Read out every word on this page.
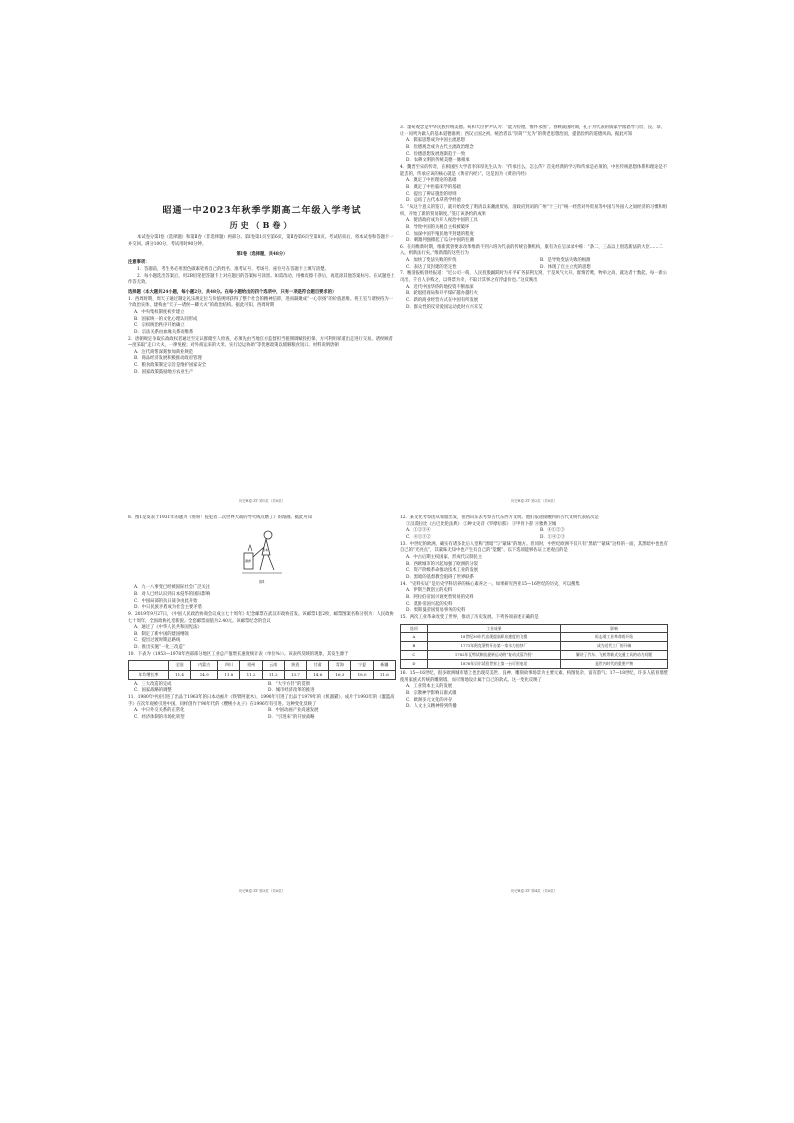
昭通一中2023年秋季学期高二年级入学考试
历史（B卷）
本试卷分第Ⅰ卷（选择题）和第Ⅱ卷（非选择题）两部分。第Ⅰ卷第1页至第6页，第Ⅱ卷第6页至第8页。考试结束后，将本试卷和答题卡一并交回。满分100分，考试用时90分钟。
第Ⅰ卷（选择题，共48分）
注意事项：
1．答题前，考生务必用黑色碳素笔将自己的姓名、准考证号、考场号、座位号在答题卡上填写清楚。
2．每小题选出答案后，用2B铅笔把答题卡上对应题目的答案标号涂黑。如需改动，用橡皮擦干净后，再选涂其他答案标号。在试题卷上作答无效。
选择题（本大题共24小题，每小题2分，共48分。在每小题给出的四个选项中，只有一项是符合题目要求的）
1．西周时期，周天子通过制定礼乐规定位与价值规则获得了整个社会的精神信仰，进而凝聚成“一心崇扬”的价值思维。将王室与诸侯持为一个政治实体，建构由“天子—诸侯—卿大夫”的政治结构。据此可知，西周时期
A．中央集权制度初步建立
B．国家统一的文化心理认同形成
C．宗权统治秩序开始确立
D．宗法关系由血缘关系而维系
2．唐朝规定争取长政政权者通过至定认群储至人检查，必须先由当地官方监督担当租佣调赋役担保，方可利用驿道出走进行交易。诸侯顾者—度采取“走口大夫，一律免税；对外商运来的大米，实行边运协助”等优惠政策以缓解粮食短口。材料说明唐朝
A．注代商帮深刻参加商业规范
B．商品经济发展积极推动政府管理
C．粮食政策制定宗旨是维护国家安全
D．国家政策鼓励地方农业生产
历史B卷·ZT·第1页（共8页）
3．墨荀观念是中华民族传统美德。荀和大臣伊尹认为：“能为俭德，惟怀永图”。春秋战国时期，孔子为代表的儒家学派倡导与俭、良、恭、让一同列为做人的基本道德准则；西汉立国之初，统治者以“崇简”“无为”的黄老思想治国，提倡俭约的道德风尚。据此可知
A．儒家思想成为中国主流思想
B．俭德观念成为古代主流政治理念
C．俭德思想发展逐渐趋于一致
D．农耕文明的传统美德一脉相承
4．魏晋至宋的传奇，在相国医大学者李泽厚先生认为：“传承目么，怎么传？首先经典的学习和传承是必须的，中医传统思想体系和理论是不能丢的，传承应该的核心就是《黄帝内经》”。这是因为《黄帝内经》
A．奠定了中医理论的基础
B．奠定了中医临床学的基础
C．提出了辨证施治的原则
D．总结了古代本草药学经验
5．“从这个意义的签订，就开始改变了明清以来潮流贸易，清政府封闭的广州“十三行”统一经营对外贸易等中国与外国人之间经济的习惯和组织，开始了新的贸易制度。”签订该条约的成果
A．使清政府成为开人视治中国的工具
B．导致中国的关税自主权被破坏
C．加深中国半殖民地半封建的程度
D．刺激列强掀起了瓜分中国的狂潮
6．在同维新时期，维新派曾要求改革维新不到六班为代表的传统官僚机构，康有为在呈录录中称：“条二、三品以上别选新法的大臣……二入，则新法行矣。”维新派的这些行为
A．加快了变法失败的步伐	B．是导致变法失败的根源
C．表达了反封建的坚定性	D．体现了官主立宪的思想
7．晚清报纸曾经报道：“近公司一萌，人民投股踊跃时为开平矿务获利无窝，于是风气大开。群情若鹜，物举之高，就达者十数起，每一新公司出，千百人争购之，以得票为幸，不取计其事之有浮虚价也。”这反映出
A．近代中国华侨的地投资不断加深
B．轮船招商局和开平煤矿越办越红火
C．新的商业经营方式在中国有所发展
D．群众性的反帝爱国运动此时方兴未艾
历史B卷·ZT·第2页（共8页）
8．图1是发表于1931年的题为《看呀！侵犯者二次世界大战的导火线点燃了》的漫画。据此可知
满洲
日本
图1
A．九一八事变已经被国际社会广泛关注
B．对人已经认识到日本侵华的国际影响
C．中国局部的抗日战争由此开始
D．中日民族矛盾成为社会主要矛盾
9．2019年9月27日，《中国人民政治协商会议成立七十周年》纪念邮票在武汉市政协首发。该邮票1套2枚，邮票图案名称分别为：人民政协七十周年，全国政协礼堂新貌。全套邮票面值为2.40元。该邮票纪念的会议
A．通过了《中华人民共和国宪法》
B．制定了新中国的建国纲领
C．提出过渡时期总路线
D．推出实施“一化三改造”
10．下表为（1953—1978年西部部分地区工业总产值增长速度统计表（单位%））。该表所反映的现象，其发生源于
	全国	内蒙古	四川	贵州	云南	陕西	甘肃	青海	宁夏	新疆
年均增长率	11.4	14.9	11.8	11.2	11.2	13.7	14.6	16.3	18.0	11.6
A．三大改造的完成	B．“大字方针”的贯彻
C．国家战略的调整	D．城市经济改革的推进
11．1980年中国引进了出品于1963年的日本动画片《铁臂阿童木》，1990年引进了出品于1979年的《机器猫》、成片于1993年的《灌篮高手》在次年观被引进中国，同样创作于90年代的《樱桃小丸子》在1996年有引进。这种变化反映了
A．中日外交关系的正常化	B．中国动画产业高速发展
C．经济体制的市场化转型	D．“引进来”的开放战略
历史B卷·ZT·第3页（共8页）
12．某文化考察团从希腊出发，由西向东去考察古代东西方文明。他们依途接触到的古代文明代表依次是
①汉谟拉比《古巴比伦法典》 ②种文史诗《罗摩衍那》 ③甲骨卜辞 ④雅典卫城
A．①②③④	B．④①②③
C．④①③②	D．①④②③
13．中世纪的欧洲，确实有诸多比后人堂称“黑暗”与“蒙昧”的地方。但同时，中世纪欧洲不仅只有“黑暗”“蒙昧”这样的一面，其黑暗中也也有自己的“光亮点”，其蒙昧无知中也产生有自己的“觉醒”。以下选项能够佐证上述观点的是
A．中古后期主权国家，形成代议制民主
B．西欧城市的兴起加强了欧洲的分裂
C．资产阶级革命推动技术工业的发展
D．黑暗的基督教会阻碍了世界联系
14．“史料实证”是历史学科培养的核心素养之一。如果研究西亚15—16世纪的历史，可以搜集
A．伊斯兰教创立的史料
B．阿拉伯帝国兴衰更替贸易的史料
C．莫卧帝国兴起的史料
D．奥斯曼帝国贸易事务的史料
15．两次工业革命改变了世界，推动了历史发展。下列各项表述正确的是
选项	工业成果	影响
A	18世纪30年代出现提高织布速度的飞梭	标志着工业革命的开始
B	1771年阿克莱特开办第一家水力纺纱厂	成为近代工厂的开端
C	1782年瓦特试制出旋转运动的“复动式蒸汽机”	解决了汽车、飞机等新式交通工具的动力问题
D	1876年贝尔试验世界上第一台可用电话	是世内时代的重要产物
16．15—16世纪，很多欧洲城市墙上也出现反美世、良神、雕刻故事场景为主要元素，构图复杂、富有韵气；17—18世纪，许多人依育墙壁使用家族式传统的雕刻墙，而尽情地设计属于自己的款式。这一变化反映了
A．工业资本主义的发展
B．宗教神学影响日渐式微
C．欧洲多元文化的并存
D．人文主义精神得到传播
历史B卷·ZT·第4页（共8页）
